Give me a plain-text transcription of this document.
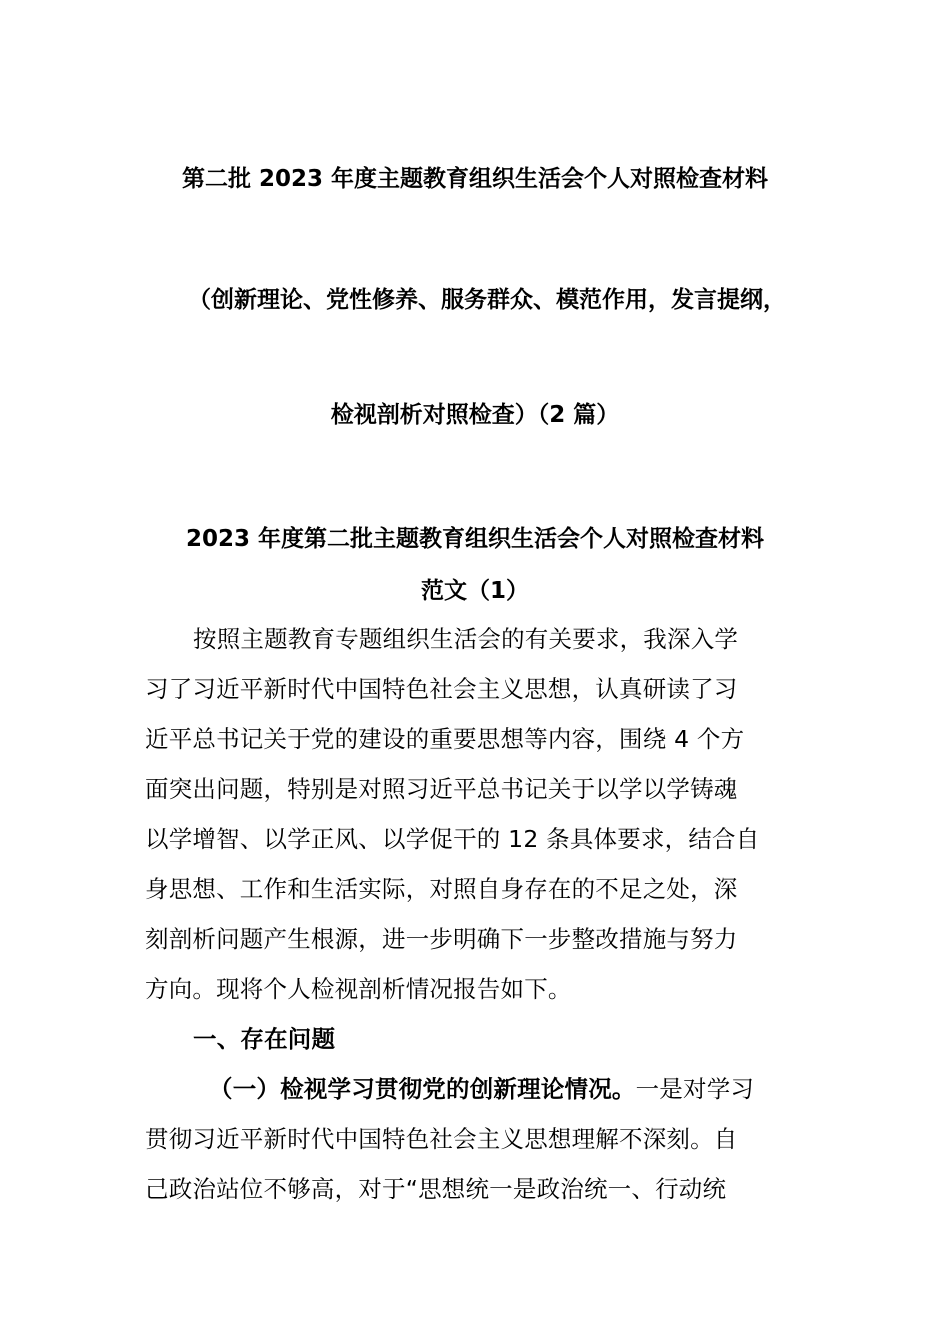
第二批 2023 年度主题教育组织生活会个人对照检查材料
（创新理论、党性修养、服务群众、模范作用，发言提纲，
检视剖析对照检查）（2 篇）
2023 年度第二批主题教育组织生活会个人对照检查材料
范文（1）
按照主题教育专题组织生活会的有关要求，我深入学
习了习近平新时代中国特色社会主义思想，认真研读了习
近平总书记关于党的建设的重要思想等内容，围绕 4 个方
面突出问题，特别是对照习近平总书记关于以学以学铸魂
以学增智、以学正风、以学促干的 12 条具体要求，结合自
身思想、工作和生活实际，对照自身存在的不足之处，深
刻剖析问题产生根源，进一步明确下一步整改措施与努力
方向。现将个人检视剖析情况报告如下。
一、存在问题
（一）检视学习贯彻党的创新理论情况。一是对学习
贯彻习近平新时代中国特色社会主义思想理解不深刻。自
己政治站位不够高，对于“思想统一是政治统一、行动统
